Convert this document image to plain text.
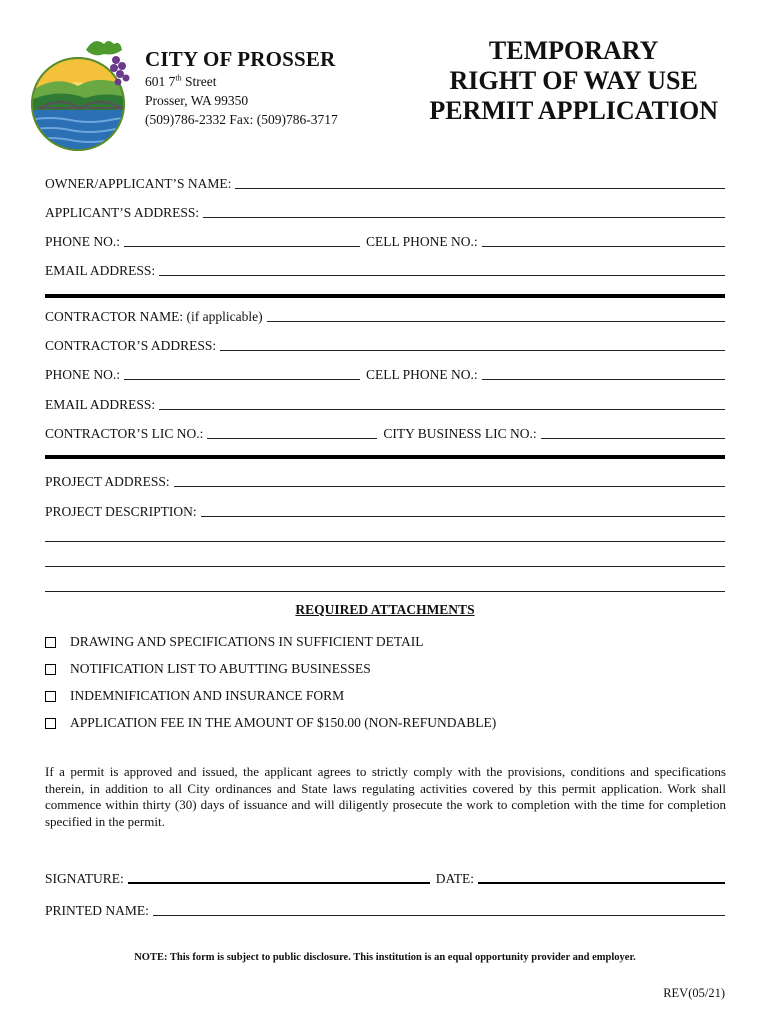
CITY OF PROSSER
601 7th Street
Prosser, WA 99350
(509)786-2332 Fax: (509)786-3717
TEMPORARY
RIGHT OF WAY USE
PERMIT APPLICATION
OWNER/APPLICANT’S NAME:
APPLICANT’S ADDRESS:
PHONE NO.:	CELL PHONE NO.:
EMAIL ADDRESS:
CONTRACTOR NAME: (if applicable)
CONTRACTOR’S ADDRESS:
PHONE NO.:	CELL PHONE NO.:
EMAIL ADDRESS:
CONTRACTOR’S LIC NO.:	CITY BUSINESS LIC NO.:
PROJECT ADDRESS:
PROJECT DESCRIPTION:
REQUIRED ATTACHMENTS
DRAWING AND SPECIFICATIONS IN SUFFICIENT DETAIL
NOTIFICATION LIST TO ABUTTING BUSINESSES
INDEMNIFICATION AND INSURANCE FORM
APPLICATION FEE IN THE AMOUNT OF $150.00 (NON-REFUNDABLE)
If a permit is approved and issued, the applicant agrees to strictly comply with the provisions, conditions and specifications therein, in addition to all City ordinances and State laws regulating activities covered by this permit application. Work shall commence within thirty (30) days of issuance and will diligently prosecute the work to completion with the time for completion specified in the permit.
SIGNATURE:	DATE:
PRINTED NAME:
NOTE: This form is subject to public disclosure. This institution is an equal opportunity provider and employer.
REV(05/21)
